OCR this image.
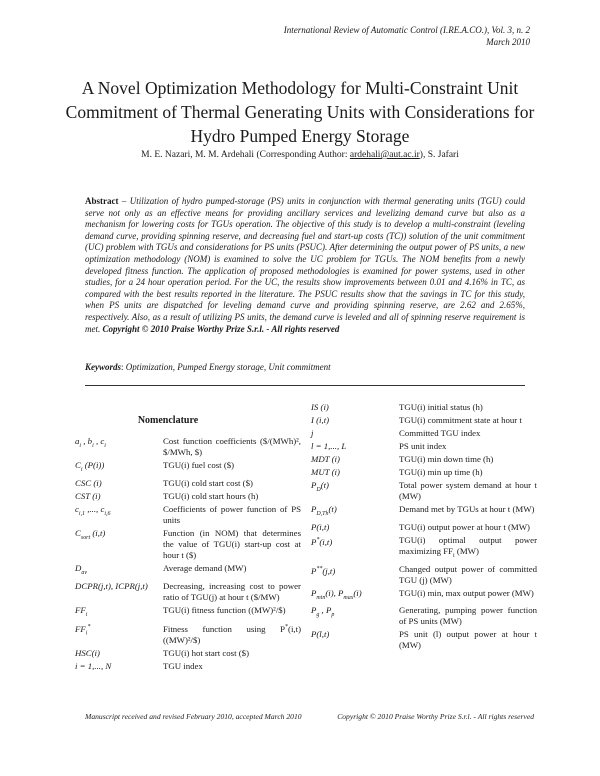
International Review of Automatic Control (I.RE.A.CO.), Vol. 3, n. 2
March 2010
A Novel Optimization Methodology for Multi-Constraint Unit Commitment of Thermal Generating Units with Considerations for Hydro Pumped Energy Storage
M. E. Nazari, M. M. Ardehali (Corresponding Author: ardehali@aut.ac.ir), S. Jafari

Abstract – Utilization of hydro pumped-storage (PS) units in conjunction with thermal generating units (TGU) could serve not only as an effective means for providing ancillary services and levelizing demand curve but also as a mechanism for lowering costs for TGUs operation. The objective of this study is to develop a multi-constraint (leveling demand curve, providing spinning reserve, and decreasing fuel and start-up costs (TC)) solution of the unit commitment (UC) problem with TGUs and considerations for PS units (PSUC). After determining the output power of PS units, a new optimization methodology (NOM) is examined to solve the UC problem for TGUs. The NOM benefits from a newly developed fitness function. The application of proposed methodologies is examined for power systems, used in other studies, for a 24 hour operation period. For the UC, the results show improvements between 0.01 and 4.16% in TC, as compared with the best results reported in the literature. The PSUC results show that the savings in TC for this study, when PS units are dispatched for leveling demand curve and providing spinning reserve, are 2.62 and 2.65%, respectively. Also, as a result of utilizing PS units, the demand curve is leveled and all of spinning reserve requirement is met. Copyright © 2010 Praise Worthy Prize S.r.l. - All rights reserved

Keywords: Optimization, Pumped Energy storage, Unit commitment
Nomenclature
$a_i$ , $b_i$ , $c_i$	Cost function coefficients ($/(MWh)², $/MWh, $)
$C_i$ (P(i))	TGU(i) fuel cost ($)
CSC (i)	TGU(i) cold start cost ($)
CST (i)	TGU(i) cold start hours (h)
$c_{i,1}$ ,..., $c_{i,6}$	Coefficients of power function of PS units
$C_{sort}$ (i,t)	Function (in NOM) that determines the value of TGU(i) start-up cost at hour t ($)
$D_{av}$	Average demand (MW)
DCPR(j,t), ICPR(j,t)	Decreasing, increasing cost to power ratio of TGU(j) at hour t ($/MW)
$FF_i$	TGU(i) fitness function ((MW)²/$)
$FF_i^*$	Fitness function using P*(i,t) ((MW)²/$)
HSC(i)	TGU(i) hot start cost ($)
i = 1,..., N	TGU index
IS (i)	TGU(i) initial status (h)
I (i,t)	TGU(i) commitment state at hour t
j	Committed TGU index
l = 1,..., L	PS unit index
MDT (i)	TGU(i) min down time (h)
MUT (i)	TGU(i) min up time (h)
$P_D(t)$	Total power system demand at hour t (MW)
$P_{D,Th}(t)$	Demand met by TGUs at hour t (MW)
P(i,t)	TGU(i) output power at hour t (MW)
P*(i,t)	TGU(i) optimal output power maximizing $FF_i$ (MW)
P**(j,t)	Changed output power of committed TGU (j) (MW)
$P_{min}(i)$, $P_{max}(i)$	TGU(i) min, max output power (MW)
$P_g$ , $P_p$	Generating, pumping power function of PS units (MW)
P(l,t)	PS unit (l) output power at hour t (MW)
Manuscript received and revised February 2010, accepted March 2010	Copyright © 2010 Praise Worthy Prize S.r.l. - All rights reserved
